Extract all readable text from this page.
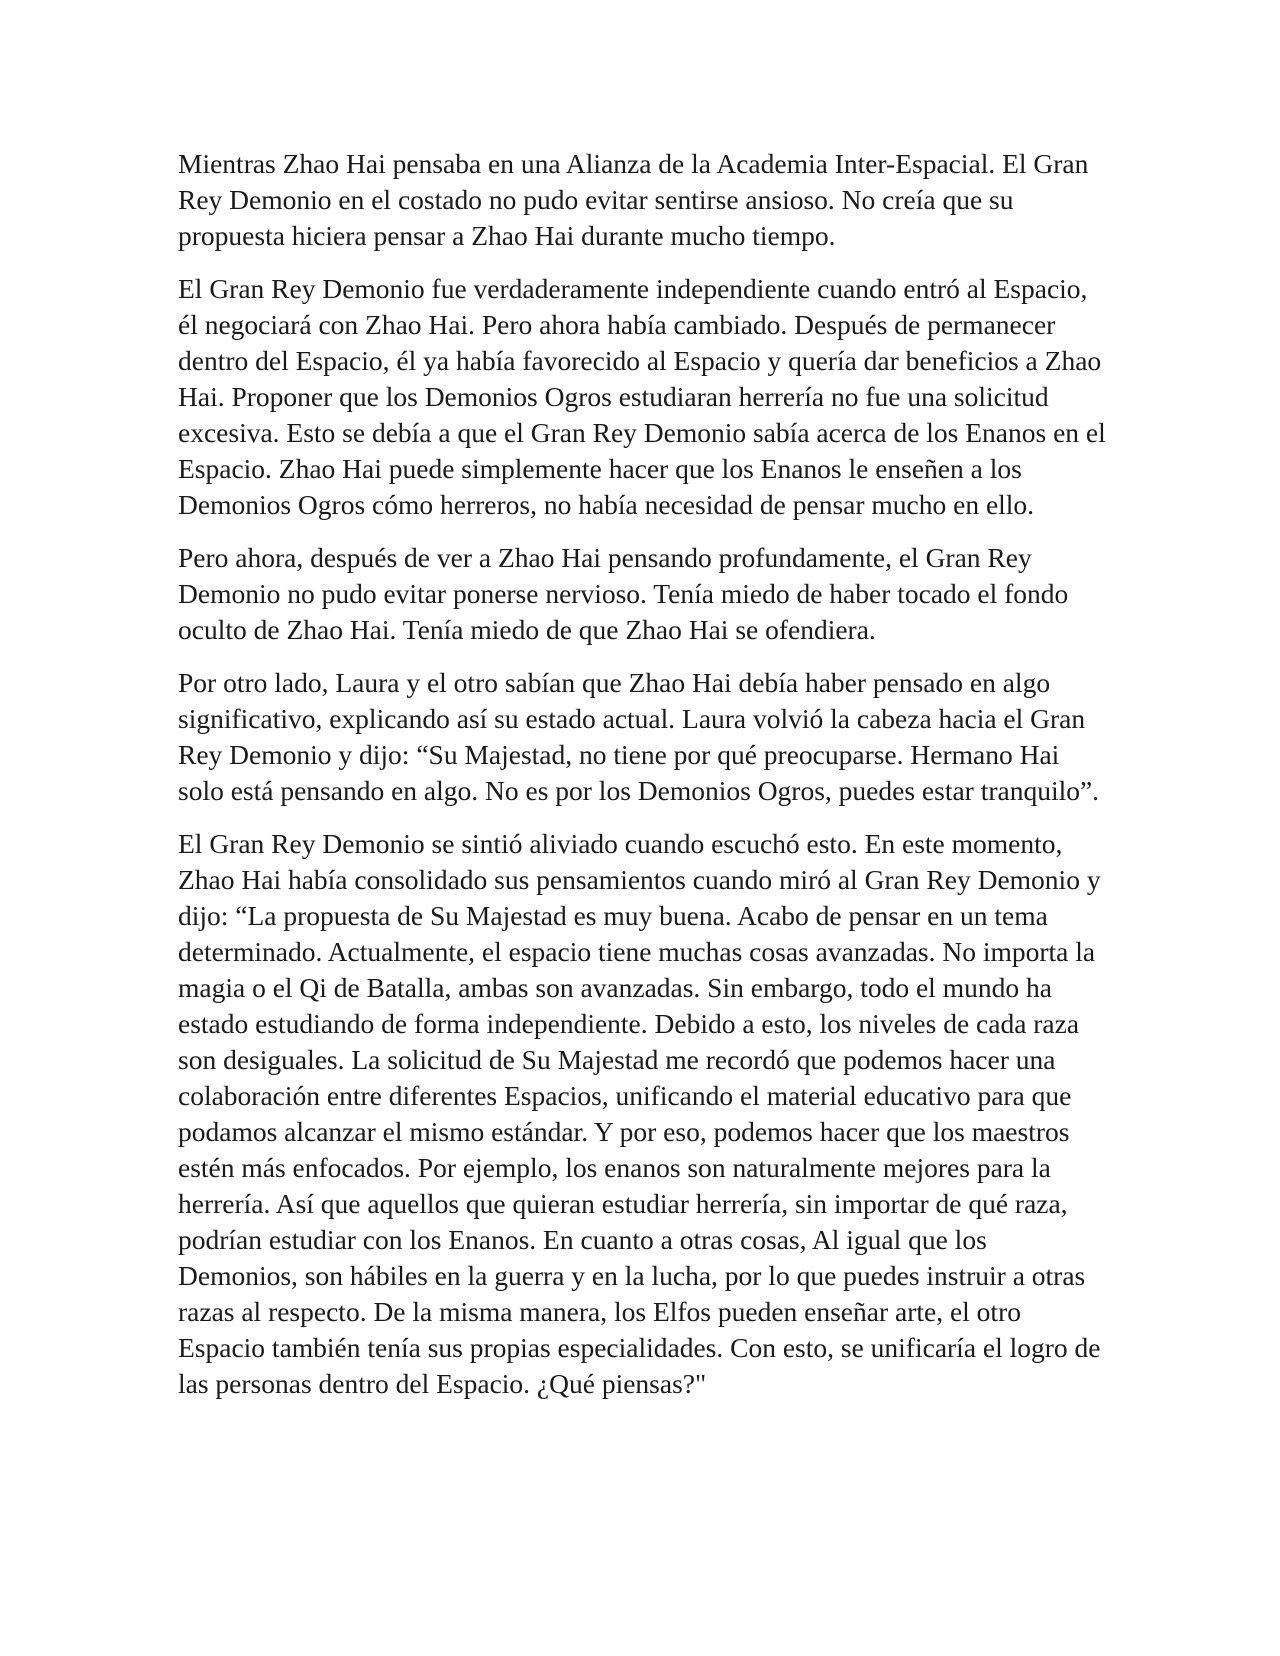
Mientras Zhao Hai pensaba en una Alianza de la Academia Inter-Espacial. El Gran Rey Demonio en el costado no pudo evitar sentirse ansioso. No creía que su propuesta hiciera pensar a Zhao Hai durante mucho tiempo.

El Gran Rey Demonio fue verdaderamente independiente cuando entró al Espacio, él negociará con Zhao Hai. Pero ahora había cambiado. Después de permanecer dentro del Espacio, él ya había favorecido al Espacio y quería dar beneficios a Zhao Hai. Proponer que los Demonios Ogros estudiaran herrería no fue una solicitud excesiva. Esto se debía a que el Gran Rey Demonio sabía acerca de los Enanos en el Espacio. Zhao Hai puede simplemente hacer que los Enanos le enseñen a los Demonios Ogros cómo herreros, no había necesidad de pensar mucho en ello.

Pero ahora, después de ver a Zhao Hai pensando profundamente, el Gran Rey Demonio no pudo evitar ponerse nervioso. Tenía miedo de haber tocado el fondo oculto de Zhao Hai. Tenía miedo de que Zhao Hai se ofendiera.

Por otro lado, Laura y el otro sabían que Zhao Hai debía haber pensado en algo significativo, explicando así su estado actual. Laura volvió la cabeza hacia el Gran Rey Demonio y dijo: “Su Majestad, no tiene por qué preocuparse. Hermano Hai solo está pensando en algo. No es por los Demonios Ogros, puedes estar tranquilo”.

El Gran Rey Demonio se sintió aliviado cuando escuchó esto. En este momento, Zhao Hai había consolidado sus pensamientos cuando miró al Gran Rey Demonio y dijo: “La propuesta de Su Majestad es muy buena. Acabo de pensar en un tema determinado. Actualmente, el espacio tiene muchas cosas avanzadas. No importa la magia o el Qi de Batalla, ambas son avanzadas. Sin embargo, todo el mundo ha estado estudiando de forma independiente. Debido a esto, los niveles de cada raza son desiguales. La solicitud de Su Majestad me recordó que podemos hacer una colaboración entre diferentes Espacios, unificando el material educativo para que podamos alcanzar el mismo estándar. Y por eso, podemos hacer que los maestros estén más enfocados. Por ejemplo, los enanos son naturalmente mejores para la herrería. Así que aquellos que quieran estudiar herrería, sin importar de qué raza, podrían estudiar con los Enanos. En cuanto a otras cosas, Al igual que los Demonios, son hábiles en la guerra y en la lucha, por lo que puedes instruir a otras razas al respecto. De la misma manera, los Elfos pueden enseñar arte, el otro Espacio también tenía sus propias especialidades. Con esto, se unificaría el logro de las personas dentro del Espacio. ¿Qué piensas?"
